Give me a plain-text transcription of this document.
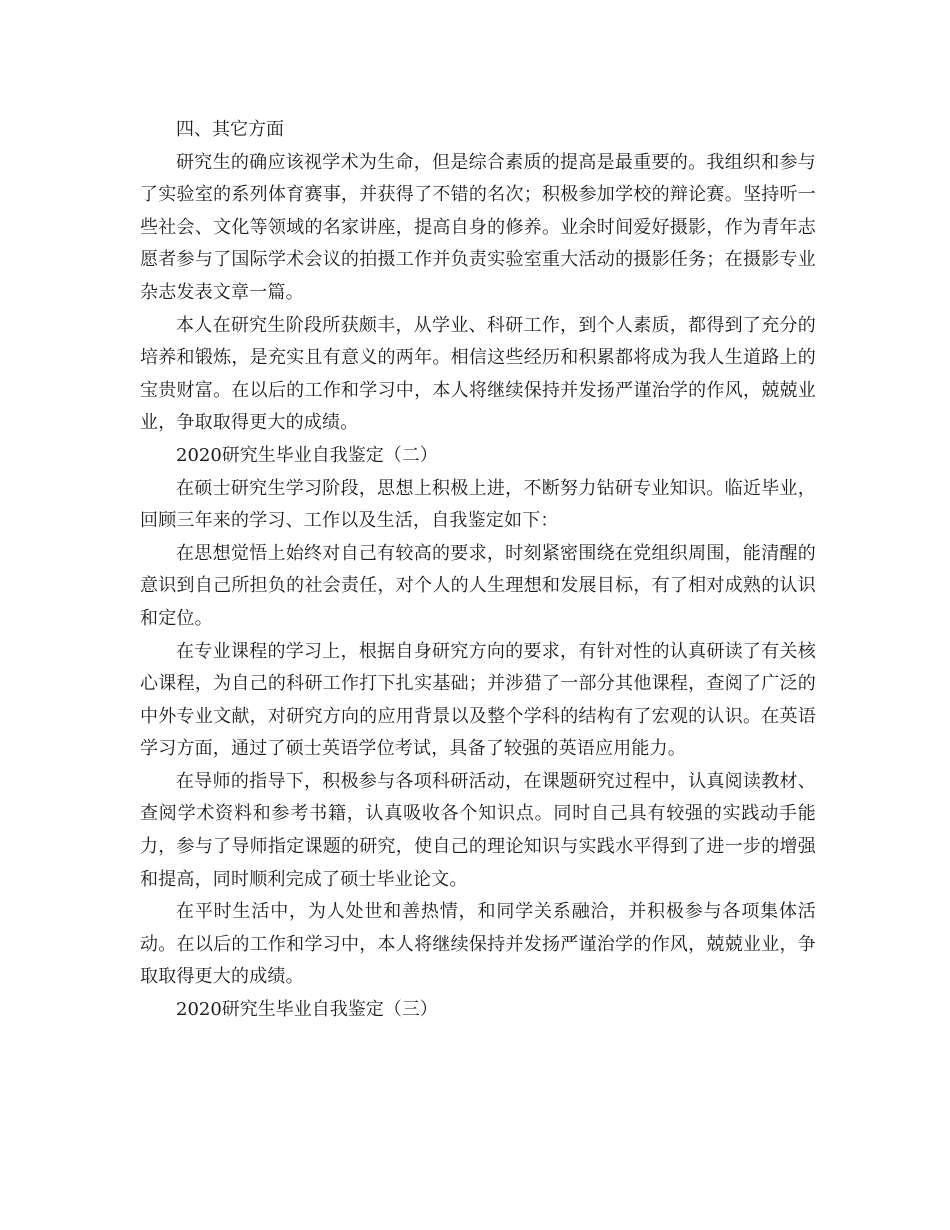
四、其它方面

研究生的确应该视学术为生命，但是综合素质的提高是最重要的。我组织和参与了实验室的系列体育赛事，并获得了不错的名次；积极参加学校的辩论赛。坚持听一些社会、文化等领域的名家讲座，提高自身的修养。业余时间爱好摄影，作为青年志愿者参与了国际学术会议的拍摄工作并负责实验室重大活动的摄影任务；在摄影专业杂志发表文章一篇。

本人在研究生阶段所获颇丰，从学业、科研工作，到个人素质，都得到了充分的培养和锻炼，是充实且有意义的两年。相信这些经历和积累都将成为我人生道路上的宝贵财富。在以后的工作和学习中，本人将继续保持并发扬严谨治学的作风，兢兢业业，争取取得更大的成绩。

2020研究生毕业自我鉴定（二）

在硕士研究生学习阶段，思想上积极上进，不断努力钻研专业知识。临近毕业，回顾三年来的学习、工作以及生活，自我鉴定如下：

在思想觉悟上始终对自己有较高的要求，时刻紧密围绕在党组织周围，能清醒的意识到自己所担负的社会责任，对个人的人生理想和发展目标，有了相对成熟的认识和定位。

在专业课程的学习上，根据自身研究方向的要求，有针对性的认真研读了有关核心课程，为自己的科研工作打下扎实基础；并涉猎了一部分其他课程，查阅了广泛的中外专业文献，对研究方向的应用背景以及整个学科的结构有了宏观的认识。在英语学习方面，通过了硕士英语学位考试，具备了较强的英语应用能力。

在导师的指导下，积极参与各项科研活动，在课题研究过程中，认真阅读教材、查阅学术资料和参考书籍，认真吸收各个知识点。同时自己具有较强的实践动手能力，参与了导师指定课题的研究，使自己的理论知识与实践水平得到了进一步的增强和提高，同时顺利完成了硕士毕业论文。

在平时生活中，为人处世和善热情，和同学关系融洽，并积极参与各项集体活动。在以后的工作和学习中，本人将继续保持并发扬严谨治学的作风，兢兢业业，争取取得更大的成绩。

2020研究生毕业自我鉴定（三）
